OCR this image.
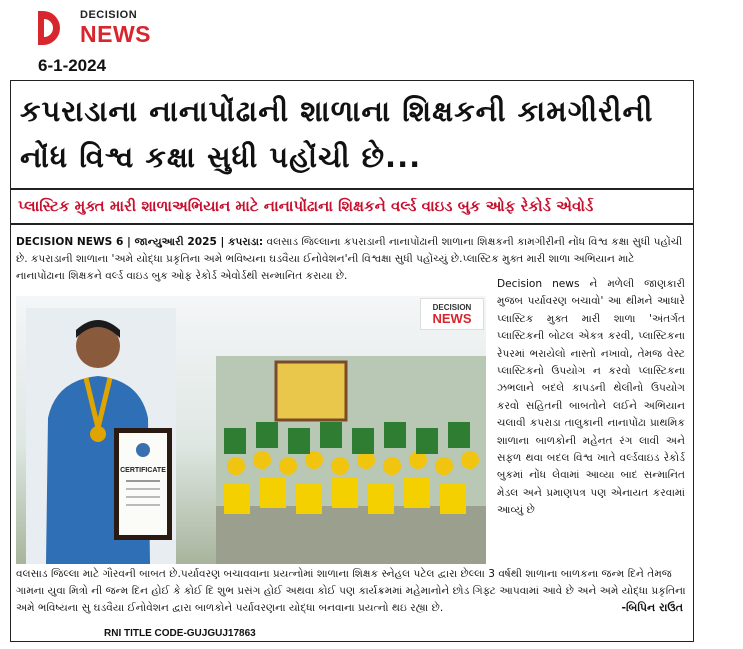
DECISION
NEWS
6-1-2024
કપરાડાના નાનાપોંઢાની શાળાના શિક્ષકની કામગીરીની નોંધ વિશ્વ કક્ષા સુધી પહોંચી છે...
પ્લાસ્ટિક મુક્ત મારી શાળાઅભિયાન માટે નાનાપોંઢાના શિક્ષકને વર્લ્ડ વાઇડ બુક ઓફ રેકોર્ડ એવોર્ડ
DECISION NEWS 6 | જાન્યુઆરી 2025 | કપરાડા: વલસાડ જિલ્લાના કપરાડાની નાનાપોંઢાની શાળાના શિક્ષકની કામગીરીની નોંધ વિશ્વ કક્ષા સુધી પહોંચી છે. કપરાડાની શાળાના 'અમે યોદ્ધા પ્રકૃતિના અમે ભવિષ્યના ઘડવૈયા ઈનોવેશન'ની વિશ્વક્ષા સુધી પહોંચ્યું છે.પ્લાસ્ટિક મુક્ત મારી શાળા અભિયાન માટે નાનાપોંઢાના શિક્ષકને વર્લ્ડ વાઇડ બુક ઓફ રેકોર્ડ એવોર્ડથી સન્માનિત કરાયા છે.
Decision news ને મળેલી જાણકારી મુજબ પર્યાવરણ બચાવો' આ થીમને આધારે પ્લાસ્ટિક મુક્ત મારી શાળા 'અંતર્ગત પ્લાસ્ટિકની બોટલ એકત્ર કરવી, પ્લાસ્ટિકના રેપરમાં ભરાયેલો નાસ્તો નખાવો, તેમજ વેસ્ટ પ્લાસ્ટિકનો ઉપયોગ ન કરવો પ્લાસ્ટિકના ઝભલાને બદલે કાપડની થેલીનો ઉપયોગ કરવો સહિતની બાબતોને લઈને અભિયાન ચલાવી કપરાડા તાલુકાની નાનાપોંઢા પ્રાથમિક શાળાના બાળકોની મહેનત રંગ લાવી અને સફળ થવા બદલ વિશ્વ ખાતે વર્લ્ડવાઇડ રેકોર્ડ બુકમાં નોંધ લેવામાં આવ્યા બાદ સન્માનિત મેડલ અને પ્રમાણપત્ર પણ એનાયત કરવામાં આવ્યું છે
CERTIFICATE
DECISION
NEWS
વલસાડ જિલ્લા માટે ગૌરવની બાબત છે.પર્યાવરણ બચાવવાના પ્રયત્નોમાં શાળાના શિક્ષક સ્નેહલ પટેલ દ્વારા છેલ્લા 3 વર્ષથી શાળાના બાળકના જન્મ દિને તેમજ ગામના યુવા મિત્રો ની જન્મ દિન હોઈ કે કોઈ દિ શુભ પ્રસંગ હોઈ અથવા કોઈ પણ કાર્યક્રમમાં મહેમાનોને છોડ ગિફ્ટ આપવામાં આવે છે અને અમે યોદ્ધા પ્રકૃતિના અમે ભવિષ્યના સુ ઘડવૈયા ઈનોવેશન દ્વારા બાળકોને પર્યાવરણના યોદ્ધા બનવાના પ્રયત્નો થઇ રહ્યા છે.	-બિપિન રાઉત
RNI TITLE CODE-GUJGUJ17863
